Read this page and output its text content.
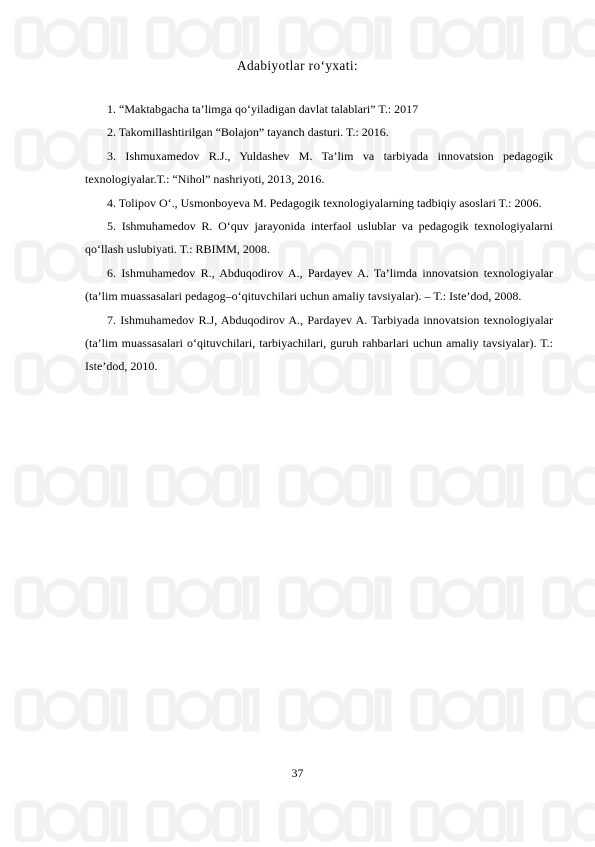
Adabiyotlar ro‘yxati:
1. “Maktabgacha ta’limga qo‘yiladigan davlat talablari” T.: 2017
2. Takomillashtirilgan “Bolajon” tayanch dasturi. T.: 2016.
3. Ishmuxamedov R.J., Yuldashev M. Ta’lim va tarbiyada innovatsion pedagogik texnologiyalar.T.: “Nihol” nashriyoti, 2013, 2016.
4. Tolipov O‘., Usmonboyeva M. Pedagogik texnologiyalarning tadbiqiy asoslari T.: 2006.
5. Ishmuhamedov R. O‘quv jarayonida interfaol uslublar va pedagogik texnologiyalarni qo‘llash uslubiyati. T.: RBIMM, 2008.
6. Ishmuhamedov R., Abduqodirov A., Pardayev A. Ta’limda innovatsion texnologiyalar (ta’lim muassasalari pedagog–o‘qituvchilari uchun amaliy tavsiyalar). – T.: Iste’dod, 2008.
7. Ishmuhamedov R.J, Abduqodirov A., Pardayev A. Tarbiyada innovatsion texnologiyalar (ta’lim muassasalari o‘qituvchilari, tarbiyachilari, guruh rahbarlari uchun amaliy tavsiyalar). T.: Iste’dod, 2010.
37
